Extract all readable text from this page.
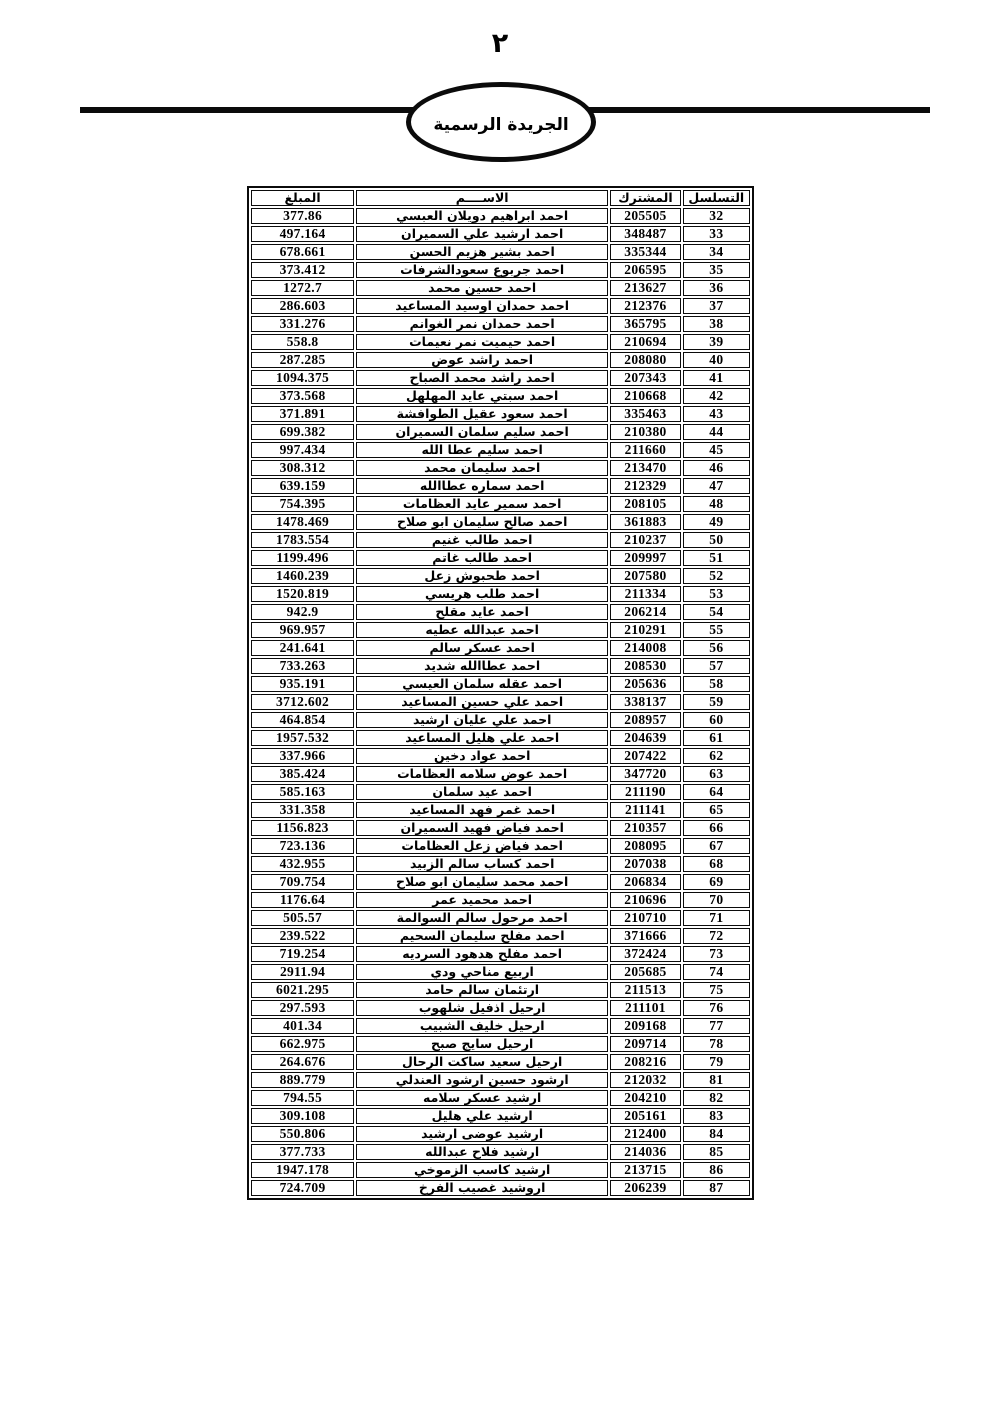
٢
الجريدة الرسمية
التسلسل	المشترك	الاســــم	المبلغ
32	205505	احمد ابراهيم دويلان العبسي	377.86
33	348487	احمد ارشيد علي السميران	497.164
34	335344	احمد بشير هزيم الحسن	678.661
35	206595	احمد جربوع سعودالشرفات	373.412
36	213627	احمد حسين محمد	1272.7
37	212376	احمد حمدان اوسيد المساعيد	286.603
38	365795	احمد حمدان نمر الغوانم	331.276
39	210694	احمد حيميت نمر نعيمات	558.8
40	208080	احمد راشد عوض	287.285
41	207343	احمد راشد محمد الصباح	1094.375
42	210668	احمد سبتي عايد المهلهل	373.568
43	335463	احمد سعود عقيل الطوافشة	371.891
44	210380	احمد سليم سلمان السميران	699.382
45	211660	احمد سليم عطا الله	997.434
46	213470	احمد سليمان محمد	308.312
47	212329	احمد سماره عطاالله	639.159
48	208105	احمد سمير عايد العظامات	754.395
49	361883	احمد صالح سليمان ابو صلاح	1478.469
50	210237	احمد طالب غنيم	1783.554
51	209997	احمد طالب غاتم	1199.496
52	207580	احمد طحبوش زعل	1460.239
53	211334	احمد طلب هريسي	1520.819
54	206214	احمد عايد مقلح	942.9
55	210291	احمد عبدالله عطيه	969.957
56	214008	احمد عسكر سالم	241.641
57	208530	احمد عطاالله شديد	733.263
58	205636	احمد عقله سلمان العيسي	935.191
59	338137	احمد علي حسين المساعيد	3712.602
60	208957	احمد علي عليان ارشيد	464.854
61	204639	احمد علي هليل المساعيد	1957.532
62	207422	احمد عواد دخين	337.966
63	347720	احمد عوض سلامه العظامات	385.424
64	211190	احمد عيد سلمان	585.163
65	211141	احمد غمر فهد المساعيد	331.358
66	210357	احمد فياض فهيد السميران	1156.823
67	208095	احمد فياض زعل العظامات	723.136
68	207038	احمد كساب سالم الزبيد	432.955
69	206834	احمد محمد سليمان ابو صلاح	709.754
70	210696	احمد محميد عمر	1176.64
71	210710	احمد مرحول سالم السوالمة	505.57
72	371666	احمد مفلح سليمان السحيم	239.522
73	372424	احمد مفلح هدهود السرديه	719.254
74	205685	اربيع مناحي ودي	2911.94
75	211513	ارتئمان سالم حامد	6021.295
76	211101	ارحيل اذفيل شلهوب	297.593
77	209168	ارحيل خليف الشبيب	401.34
78	209714	ارحيل سايج صبح	662.975
79	208216	ارحيل سعيد ساكت الرحال	264.676
81	212032	ارشود حسين ارشود العندلي	889.779
82	204210	ارشيد عسكر سلامه	794.55
83	205161	ارشيد علي هليل	309.108
84	212400	ارشيد عوضى ارشيد	550.806
85	214036	ارشيد فلاح عبدالله	377.733
86	213715	ارشيد كاسب الزموخي	1947.178
87	206239	اروشيد غصيب الفرخ	724.709
